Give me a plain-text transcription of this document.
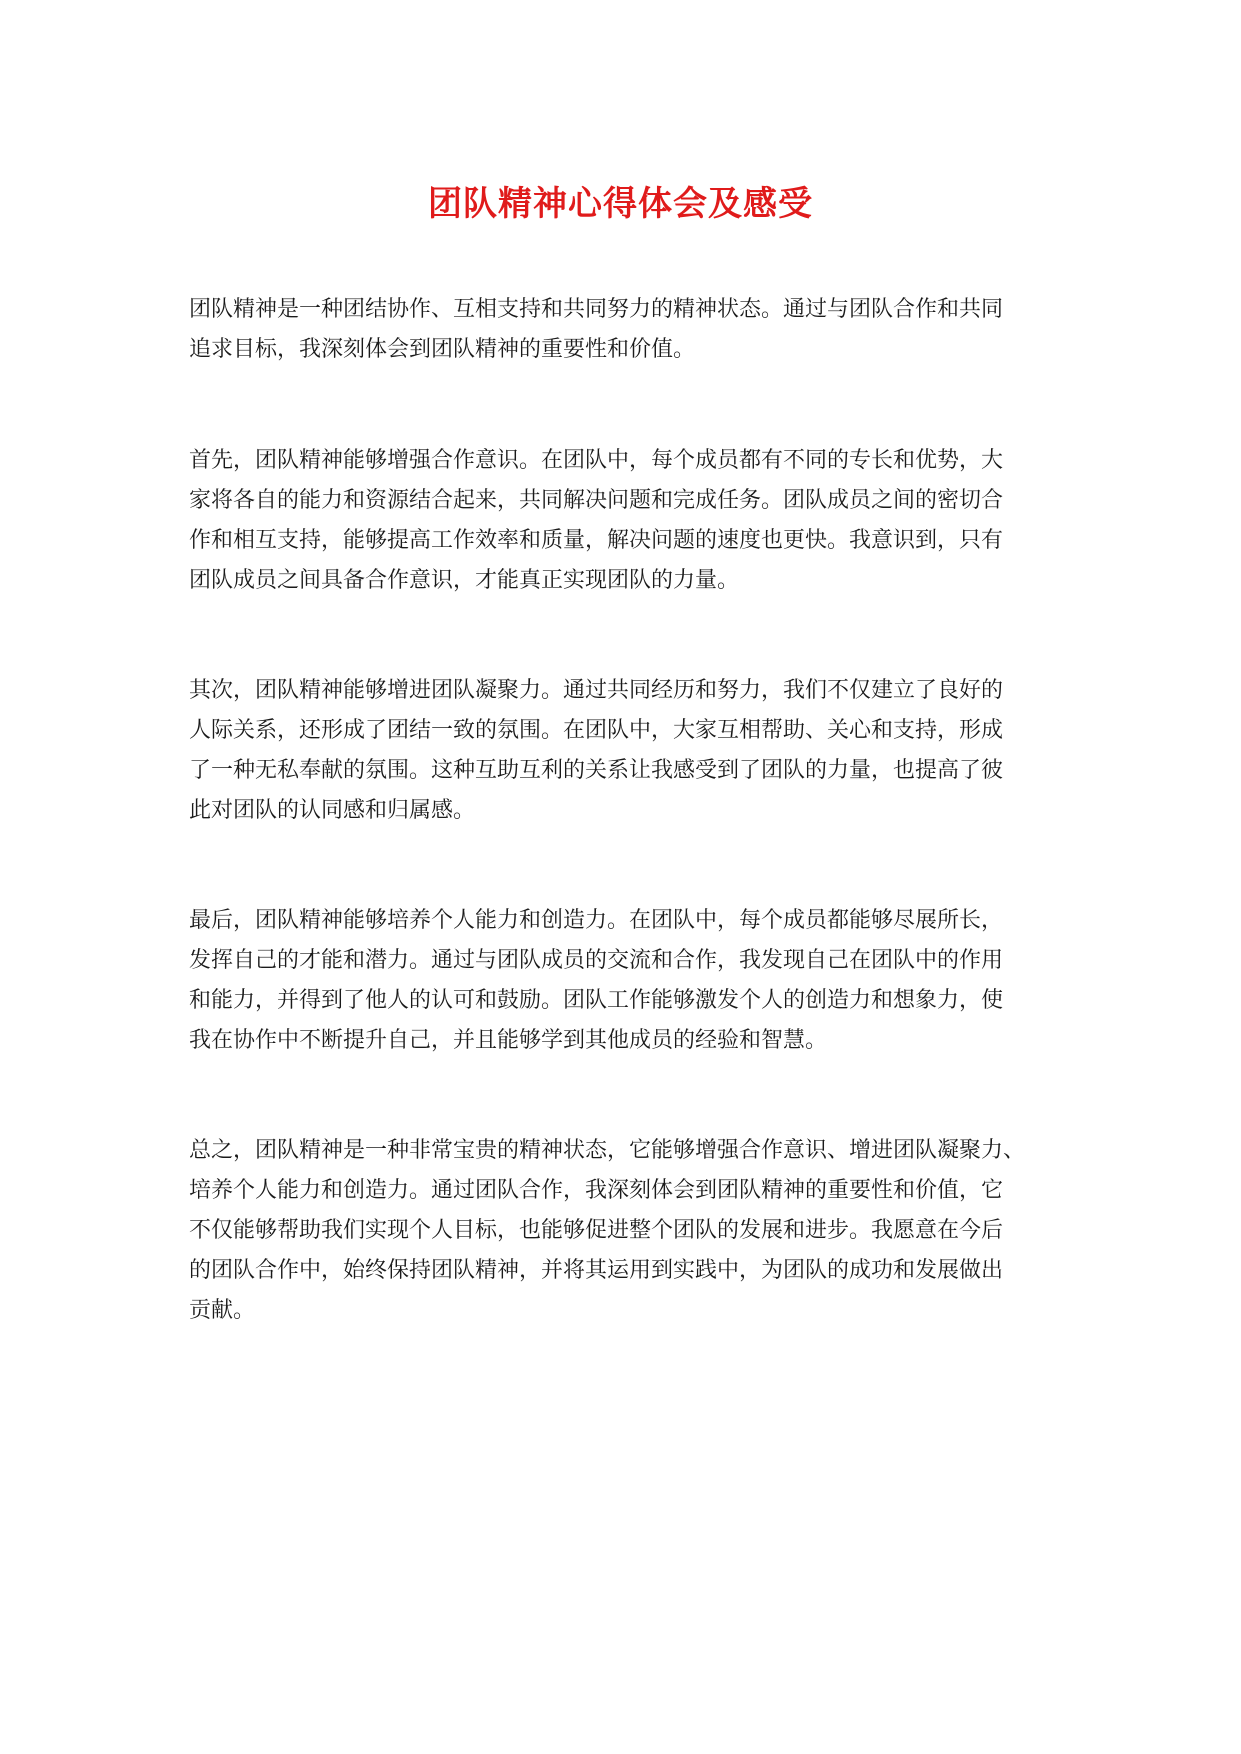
团队精神心得体会及感受
团队精神是一种团结协作、互相支持和共同努力的精神状态。通过与团队合作和共同
追求目标，我深刻体会到团队精神的重要性和价值。
首先，团队精神能够增强合作意识。在团队中，每个成员都有不同的专长和优势，大
家将各自的能力和资源结合起来，共同解决问题和完成任务。团队成员之间的密切合
作和相互支持，能够提高工作效率和质量，解决问题的速度也更快。我意识到，只有
团队成员之间具备合作意识，才能真正实现团队的力量。
其次，团队精神能够增进团队凝聚力。通过共同经历和努力，我们不仅建立了良好的
人际关系，还形成了团结一致的氛围。在团队中，大家互相帮助、关心和支持，形成
了一种无私奉献的氛围。这种互助互利的关系让我感受到了团队的力量，也提高了彼
此对团队的认同感和归属感。
最后，团队精神能够培养个人能力和创造力。在团队中，每个成员都能够尽展所长，
发挥自己的才能和潜力。通过与团队成员的交流和合作，我发现自己在团队中的作用
和能力，并得到了他人的认可和鼓励。团队工作能够激发个人的创造力和想象力，使
我在协作中不断提升自己，并且能够学到其他成员的经验和智慧。
总之，团队精神是一种非常宝贵的精神状态，它能够增强合作意识、增进团队凝聚力、
培养个人能力和创造力。通过团队合作，我深刻体会到团队精神的重要性和价值，它
不仅能够帮助我们实现个人目标，也能够促进整个团队的发展和进步。我愿意在今后
的团队合作中，始终保持团队精神，并将其运用到实践中，为团队的成功和发展做出
贡献。
